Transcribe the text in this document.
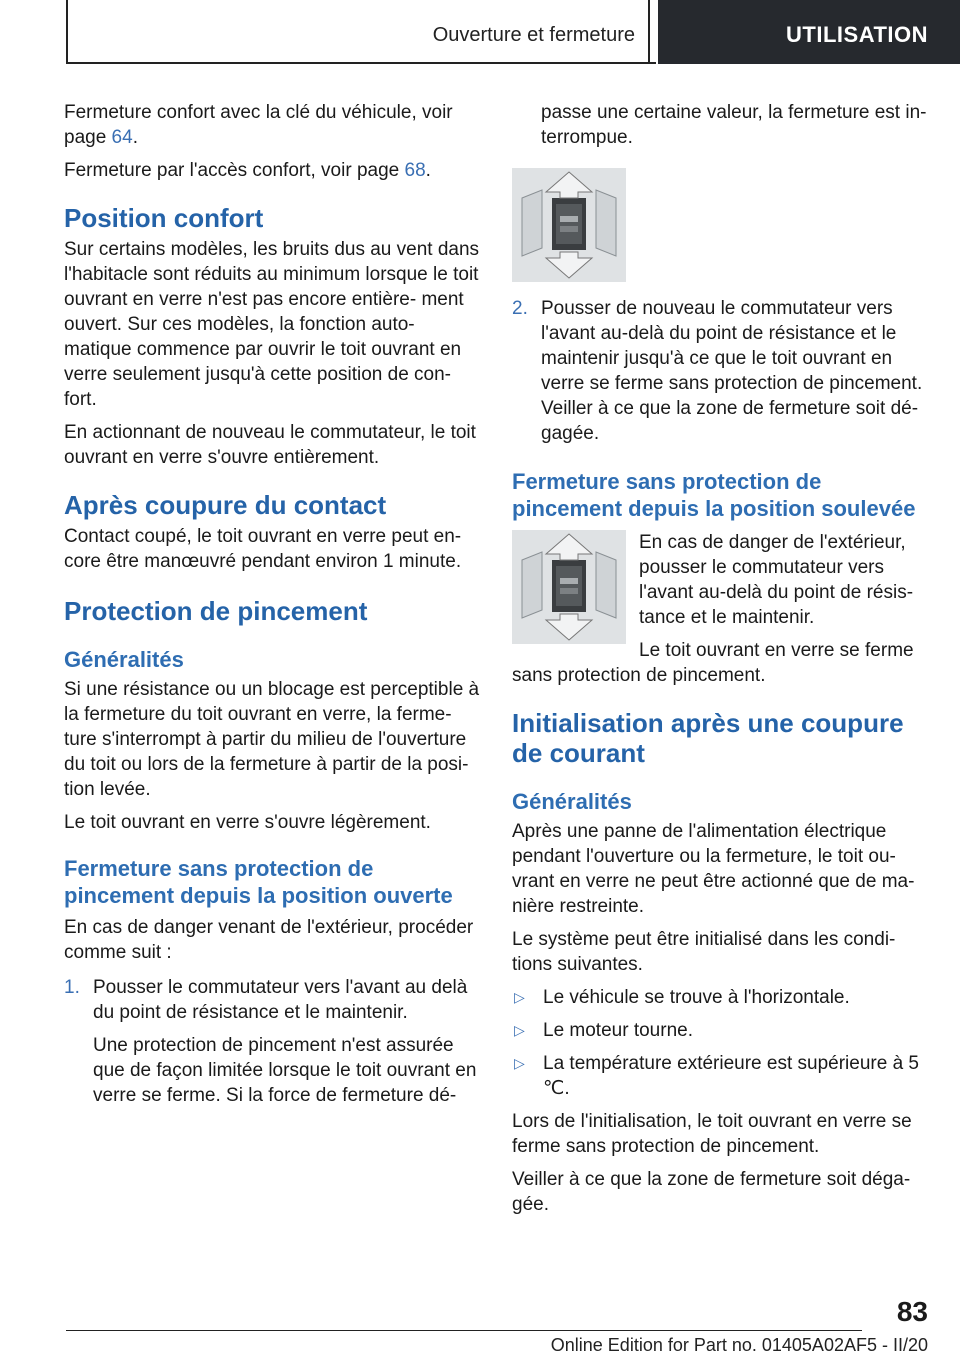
Ouverture et fermeture	UTILISATION

Fermeture confort avec la clé du véhicule, voir
page 64.

Fermeture par l'accès confort, voir page 68.

Position confort

Sur certains modèles, les bruits dus au vent dans l'habitacle sont réduits au minimum lorsque le toit ouvrant en verre n'est pas encore entière- ment ouvert. Sur ces modèles, la fonction auto- matique commence par ouvrir le toit ouvrant en verre seulement jusqu'à cette position de con- fort.

En actionnant de nouveau le commutateur, le toit ouvrant en verre s'ouvre entièrement.

Après coupure du contact

Contact coupé, le toit ouvrant en verre peut en- core être manœuvré pendant environ 1 minute.

Protection de pincement
Généralités

Si une résistance ou un blocage est perceptible à la fermeture du toit ouvrant en verre, la ferme- ture s'interrompt à partir du milieu de l'ouverture du toit ou lors de la fermeture à partir de la posi- tion levée.

Le toit ouvrant en verre s'ouvre légèrement.

Fermeture sans protection de pincement depuis la position ouverte

En cas de danger venant de l'extérieur, procéder comme suit :

1. Pousser le commutateur vers l'avant au delà du point de résistance et le maintenir.

Une protection de pincement n'est assurée que de façon limitée lorsque le toit ouvrant en verre se ferme. Si la force de fermeture dé-

passe une certaine valeur, la fermeture est in- terrompue.

2. Pousser de nouveau le commutateur vers l'avant au-delà du point de résistance et le maintenir jusqu'à ce que le toit ouvrant en verre se ferme sans protection de pincement. Veiller à ce que la zone de fermeture soit dé- gagée.

Fermeture sans protection de pincement depuis la position soulevée

En cas de danger de l'extérieur, pousser le commutateur vers l'avant au-delà du point de résis- tance et le maintenir.

Le toit ouvrant en verre se ferme

sans protection de pincement.

Initialisation après une coupure de courant
Généralités

Après une panne de l'alimentation électrique pendant l'ouverture ou la fermeture, le toit ou- vrant en verre ne peut être actionné que de ma- nière restreinte.

Le système peut être initialisé dans les condi- tions suivantes.

▷ Le véhicule se trouve à l'horizontale.

▷ Le moteur tourne.

▷ La température extérieure est supérieure à 5 ℃.

Lors de l'initialisation, le toit ouvrant en verre se ferme sans protection de pincement.

Veiller à ce que la zone de fermeture soit déga- gée.

83
Online Edition for Part no. 01405A02AF5 - II/20
